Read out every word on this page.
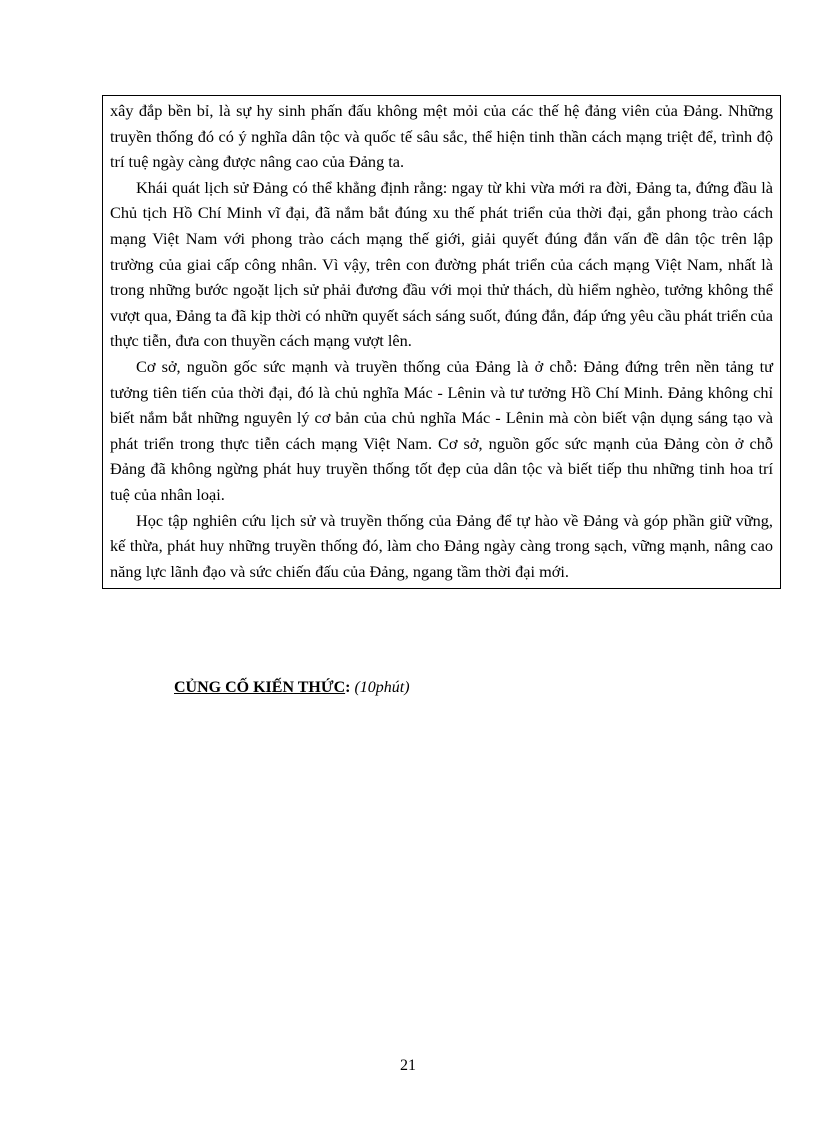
xây đắp bền bỉ, là sự hy sinh phấn đấu không mệt mỏi của các thế hệ đảng viên của Đảng. Những truyền thống đó có ý nghĩa dân tộc và quốc tế sâu sắc, thể hiện tinh thần cách mạng triệt để, trình độ trí tuệ ngày càng được nâng cao của Đảng ta.

Khái quát lịch sử Đảng có thể khẳng định rằng: ngay từ khi vừa mới ra đời, Đảng ta, đứng đầu là Chủ tịch Hồ Chí Minh vĩ đại, đã nắm bắt đúng xu thế phát triển của thời đại, gắn phong trào cách mạng Việt Nam với phong trào cách mạng thế giới, giải quyết đúng đắn vấn đề dân tộc trên lập trường của giai cấp công nhân. Vì vậy, trên con đường phát triển của cách mạng Việt Nam, nhất là trong những bước ngoặt lịch sử phải đương đầu với mọi thử thách, dù hiểm nghèo, tưởng không thể vượt qua, Đảng ta đã kịp thời có nhữn quyết sách sáng suốt, đúng đắn, đáp ứng yêu cầu phát triển của thực tiễn, đưa con thuyền cách mạng vượt lên.

Cơ sở, nguồn gốc sức mạnh và truyền thống của Đảng là ở chỗ: Đảng đứng trên nền tảng tư tưởng tiên tiến của thời đại, đó là chủ nghĩa Mác - Lênin và tư tưởng Hồ Chí Minh. Đảng không chỉ biết nắm bắt những nguyên lý cơ bản của chủ nghĩa Mác - Lênin mà còn biết vận dụng sáng tạo và phát triển trong thực tiễn cách mạng Việt Nam. Cơ sở, nguồn gốc sức mạnh của Đảng còn ở chỗ Đảng đã không ngừng phát huy truyền thống tốt đẹp của dân tộc và biết tiếp thu những tinh hoa trí tuệ của nhân loại.

Học tập nghiên cứu lịch sử và truyền thống của Đảng để tự hào về Đảng và góp phần giữ vững, kế thừa, phát huy những truyền thống đó, làm cho Đảng ngày càng trong sạch, vững mạnh, nâng cao năng lực lãnh đạo và sức chiến đấu của Đảng, ngang tầm thời đại mới.

CỦNG CỐ KIẾN THỨC: (10phút)
21
